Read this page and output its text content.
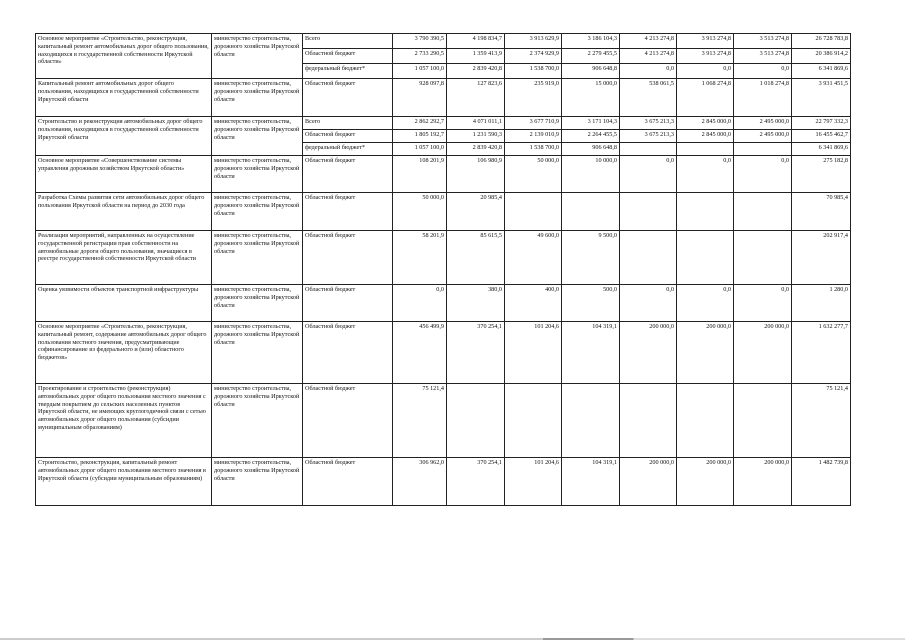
Основное мероприятие «Строительство, реконструкция, капитальный ремонт автомобильных дорог общего пользования, находящихся в государственной собственности Иркутской области»	министерство строительства, дорожного хозяйства Иркутской области	Всего	3 790 390,5	4 198 834,7	3 913 629,9	3 186 104,3	4 213 274,8	3 913 274,8	3 513 274,8	26 728 783,8
		Областной бюджет	2 733 290,5	1 359 413,9	2 374 929,9	2 279 455,5	4 213 274,8	3 913 274,8	3 513 274,8	20 386 914,2
		федеральный бюджет*	1 057 100,0	2 839 420,8	1 538 700,0	906 648,8	0,0	0,0	0,0	6 341 869,6
Капитальный ремонт автомобильных дорог общего пользования, находящихся в государственной собственности Иркутской области	министерство строительства, дорожного хозяйства Иркутской области	Областной бюджет	928 097,8	127 823,6	235 919,0	15 000,0	538 061,5	1 068 274,8	1 018 274,8	3 931 451,5
Строительство и реконструкция автомобильных дорог общего пользования, находящихся в государственной собственности Иркутской области	министерство строительства, дорожного хозяйства Иркутской области	Всего	2 862 292,7	4 071 011,1	3 677 710,9	3 171 104,3	3 675 213,3	2 845 000,0	2 495 000,0	22 797 332,3
		Областной бюджет	1 805 192,7	1 231 590,3	2 139 010,9	2 264 455,5	3 675 213,3	2 845 000,0	2 495 000,0	16 455 462,7
		федеральный бюджет*	1 057 100,0	2 839 420,8	1 538 700,0	906 648,8				6 341 869,6
Основное мероприятие «Совершенствование системы управления дорожным хозяйством Иркутской области»	министерство строительства, дорожного хозяйства Иркутской области	Областной бюджет	108 201,9	106 980,9	50 000,0	10 000,0	0,0	0,0	0,0	275 182,8
Разработка Схемы развития сети автомобильных дорог общего пользования Иркутской области на период до 2030 года	министерство строительства, дорожного хозяйства Иркутской области	Областной бюджет	50 000,0	20 985,4						70 985,4
Реализация мероприятий, направленных на осуществление государственной регистрации прав собственности на автомобильные дороги общего пользования, значащиеся в реестре государственной собственности Иркутской области	министерство строительства, дорожного хозяйства Иркутской области	Областной бюджет	58 201,9	85 615,5	49 600,0	9 500,0				202 917,4
Оценка уязвимости объектов транспортной инфраструктуры	министерство строительства, дорожного хозяйства Иркутской области	Областной бюджет	0,0	380,0	400,0	500,0	0,0	0,0	0,0	1 280,0
Основное мероприятие «Строительство, реконструкция, капитальный ремонт, содержание автомобильных дорог общего пользования местного значения, предусматривающие софинансирование из федерального и (или) областного бюджетов»	министерство строительства, дорожного хозяйства Иркутской области	Областной бюджет	456 499,9	370 254,1	101 204,6	104 319,1	200 000,0	200 000,0	200 000,0	1 632 277,7
Проектирование и строительство (реконструкция) автомобильных дорог общего пользования местного значения с твердым покрытием до сельских населенных пунктов Иркутской области, не имеющих круглогодичной связи с сетью автомобильных дорог общего пользования (субсидии муниципальным образованиям)	министерство строительства, дорожного хозяйства Иркутской области	Областной бюджет	75 121,4							75 121,4
Строительство, реконструкция, капитальный ремонт автомобильных дорог общего пользования местного значения в Иркутской области (субсидии муниципальным образованиям)	министерство строительства, дорожного хозяйства Иркутской области	Областной бюджет	306 962,0	370 254,1	101 204,6	104 319,1	200 000,0	200 000,0	200 000,0	1 482 739,8
